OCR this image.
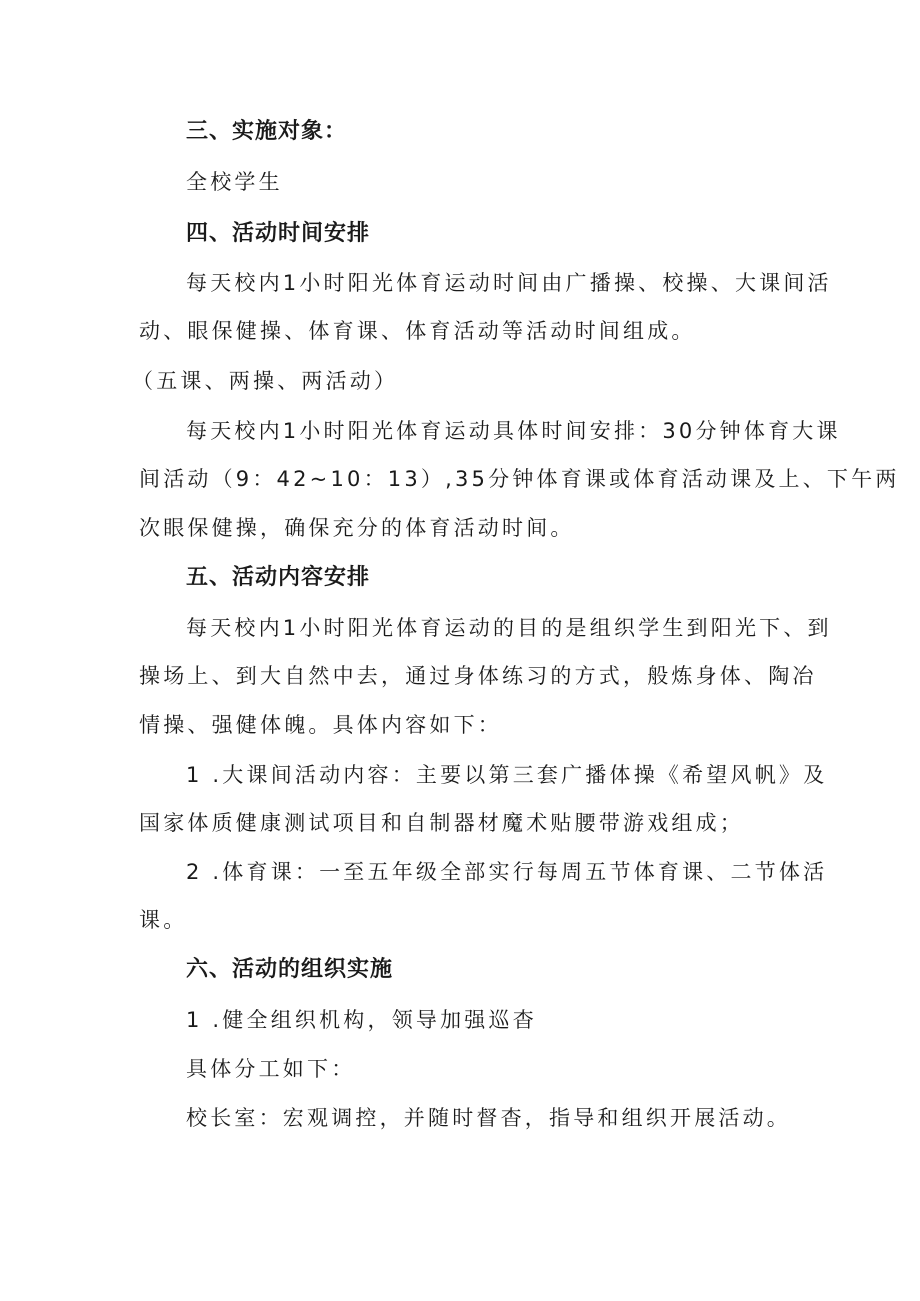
三、实施对象：
全校学生
四、活动时间安排
每天校内1小时阳光体育运动时间由广播操、校操、大课间活
动、眼保健操、体育课、体育活动等活动时间组成。
（五课、两操、两活动）
每天校内1小时阳光体育运动具体时间安排：30分钟体育大课
间活动（9：42~10：13）,35分钟体育课或体育活动课及上、下午两
次眼保健操，确保充分的体育活动时间。
五、活动内容安排
每天校内1小时阳光体育运动的目的是组织学生到阳光下、到
操场上、到大自然中去，通过身体练习的方式，般炼身体、陶冶
情操、强健体魄。具体内容如下：
1 .大课间活动内容：主要以第三套广播体操《希望风帆》及
国家体质健康测试项目和自制器材魔术贴腰带游戏组成；
2 .体育课：一至五年级全部实行每周五节体育课、二节体活
课。
六、活动的组织实施
1 .健全组织机构，领导加强巡杳
具体分工如下：
校长室：宏观调控，并随时督杳，指导和组织开展活动。
